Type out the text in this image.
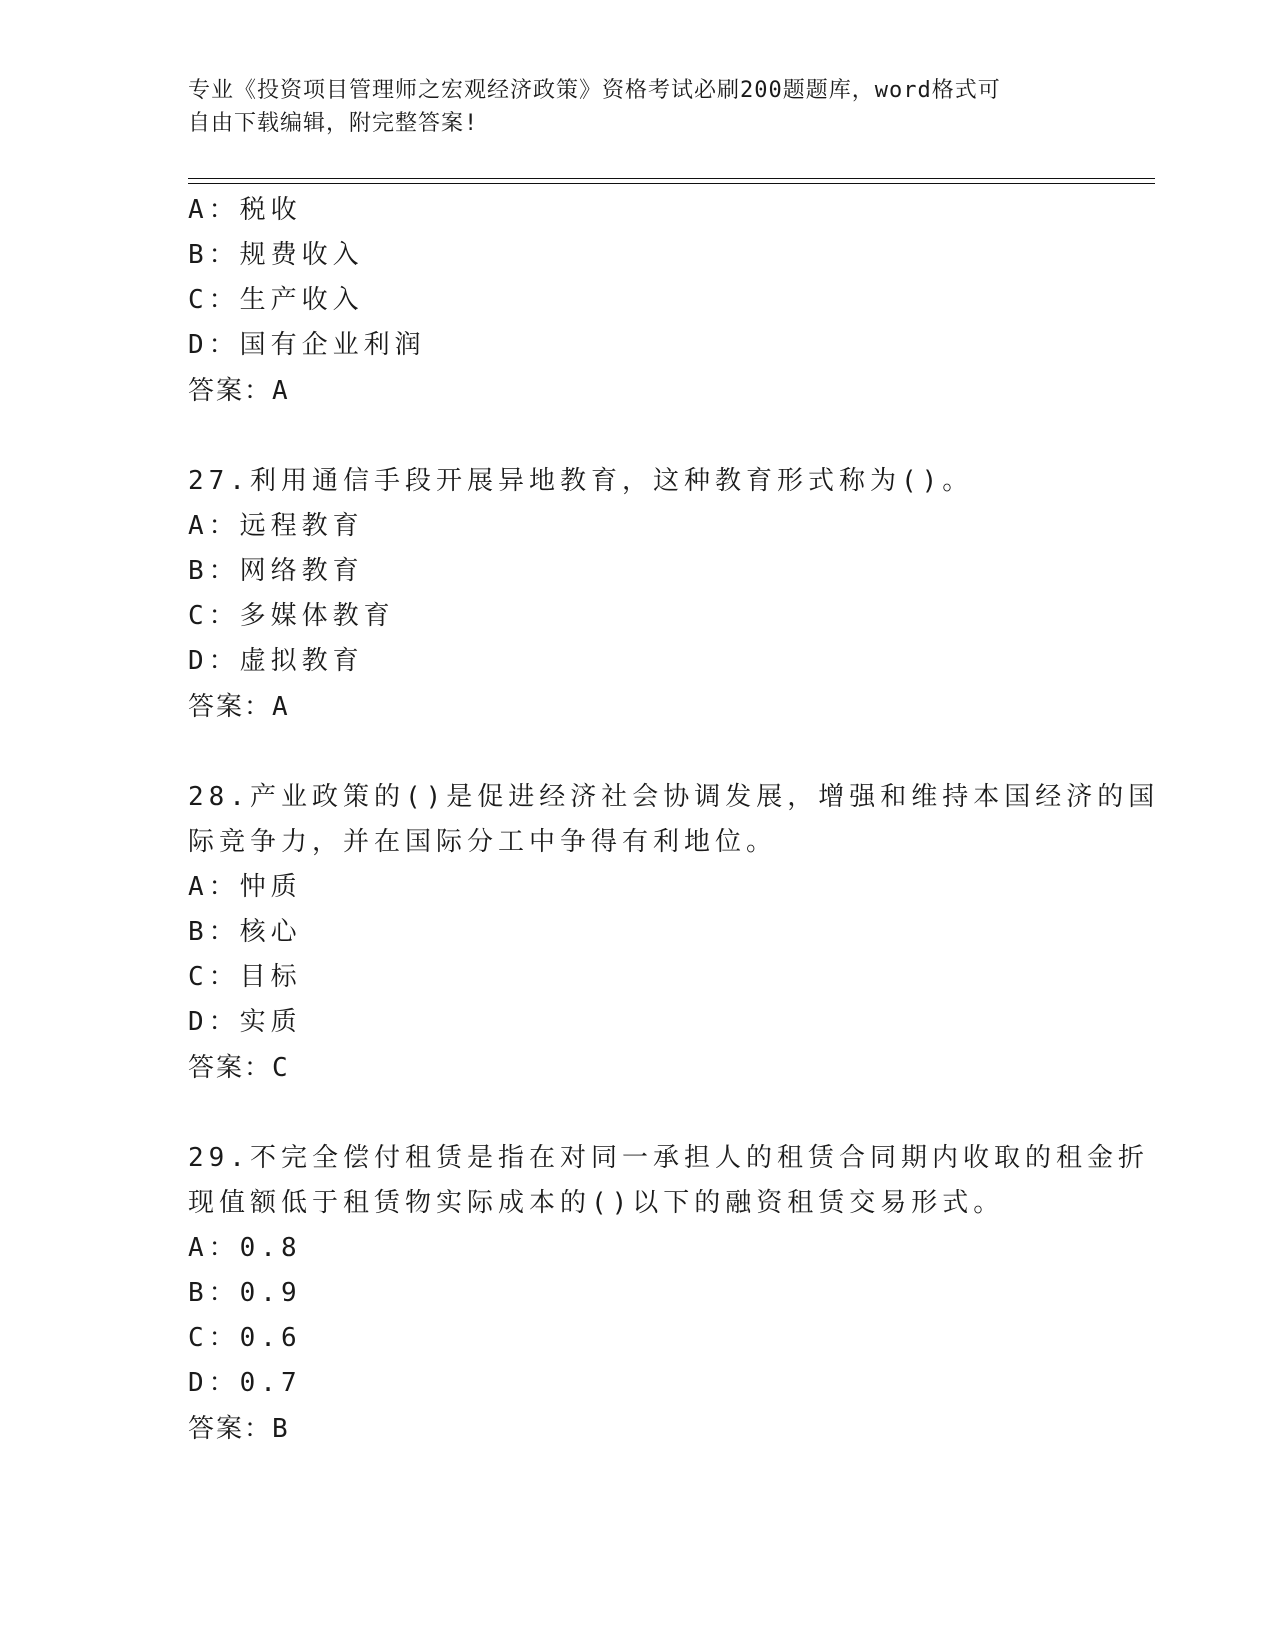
专业《投资项目管理师之宏观经济政策》资格考试必刷200题题库，word格式可
自由下载编辑，附完整答案!
A：税收
B：规费收入
C：生产收入
D：国有企业利润
答案：A
27.利用通信手段开展异地教育，这种教育形式称为()。
A：远程教育
B：网络教育
C：多媒体教育
D：虚拟教育
答案：A
28.产业政策的()是促进经济社会协调发展，增强和维持本国经济的国
际竞争力，并在国际分工中争得有利地位。
A：忡质
B：核心
C：目标
D：实质
答案：C
29.不完全偿付租赁是指在对同一承担人的租赁合同期内收取的租金折
现值额低于租赁物实际成本的()以下的融资租赁交易形式。
A：0.8
B：0.9
C：0.6
D：0.7
答案：B
